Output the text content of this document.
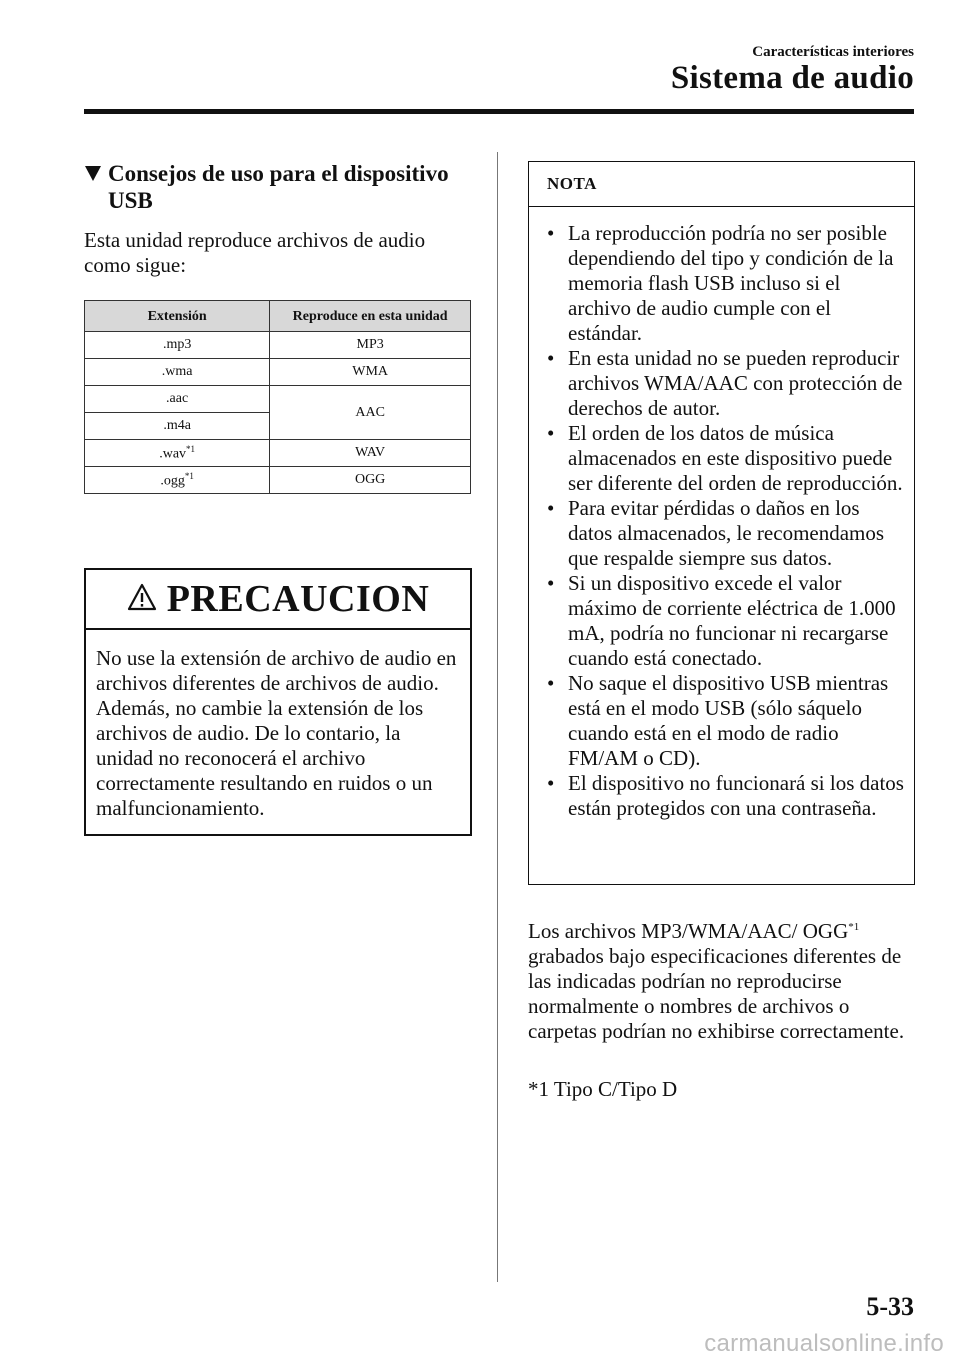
Características interiores
Sistema de audio
Consejos de uso para el dispositivo
USB
Esta unidad reproduce archivos de audio como sigue:
Extensión	Reproduce en esta unidad
.mp3	MP3
.wma	WMA
.aac	AAC
.m4a	
.wav$^{*1}$	WAV
.ogg$^{*1}$	OGG
PRECAUCION
No use la extensión de archivo de audio en archivos diferentes de archivos de audio. Además, no cambie la extensión de los archivos de audio. De lo contario, la unidad no reconocerá el archivo correctamente resultando en ruidos o un malfuncionamiento.
NOTA
• La reproducción podría no ser posible dependiendo del tipo y condición de la memoria flash USB incluso si el archivo de audio cumple con el estándar.
• En esta unidad no se pueden reproducir archivos WMA/AAC con protección de derechos de autor.
• El orden de los datos de música almacenados en este dispositivo puede ser diferente del orden de reproducción.
• Para evitar pérdidas o daños en los datos almacenados, le recomendamos que respalde siempre sus datos.
• Si un dispositivo excede el valor máximo de corriente eléctrica de 1.000 mA, podría no funcionar ni recargarse cuando está conectado.
• No saque el dispositivo USB mientras está en el modo USB (sólo sáquelo cuando está en el modo de radio FM/AM o CD).
• El dispositivo no funcionará si los datos están protegidos con una contraseña.
Los archivos MP3/WMA/AAC/ OGG$^{*1}$ grabados bajo especificaciones diferentes de las indicadas podrían no reproducirse normalmente o nombres de archivos o carpetas podrían no exhibirse correctamente.
*1 Tipo C/Tipo D
5-33
carmanualsonline.info
